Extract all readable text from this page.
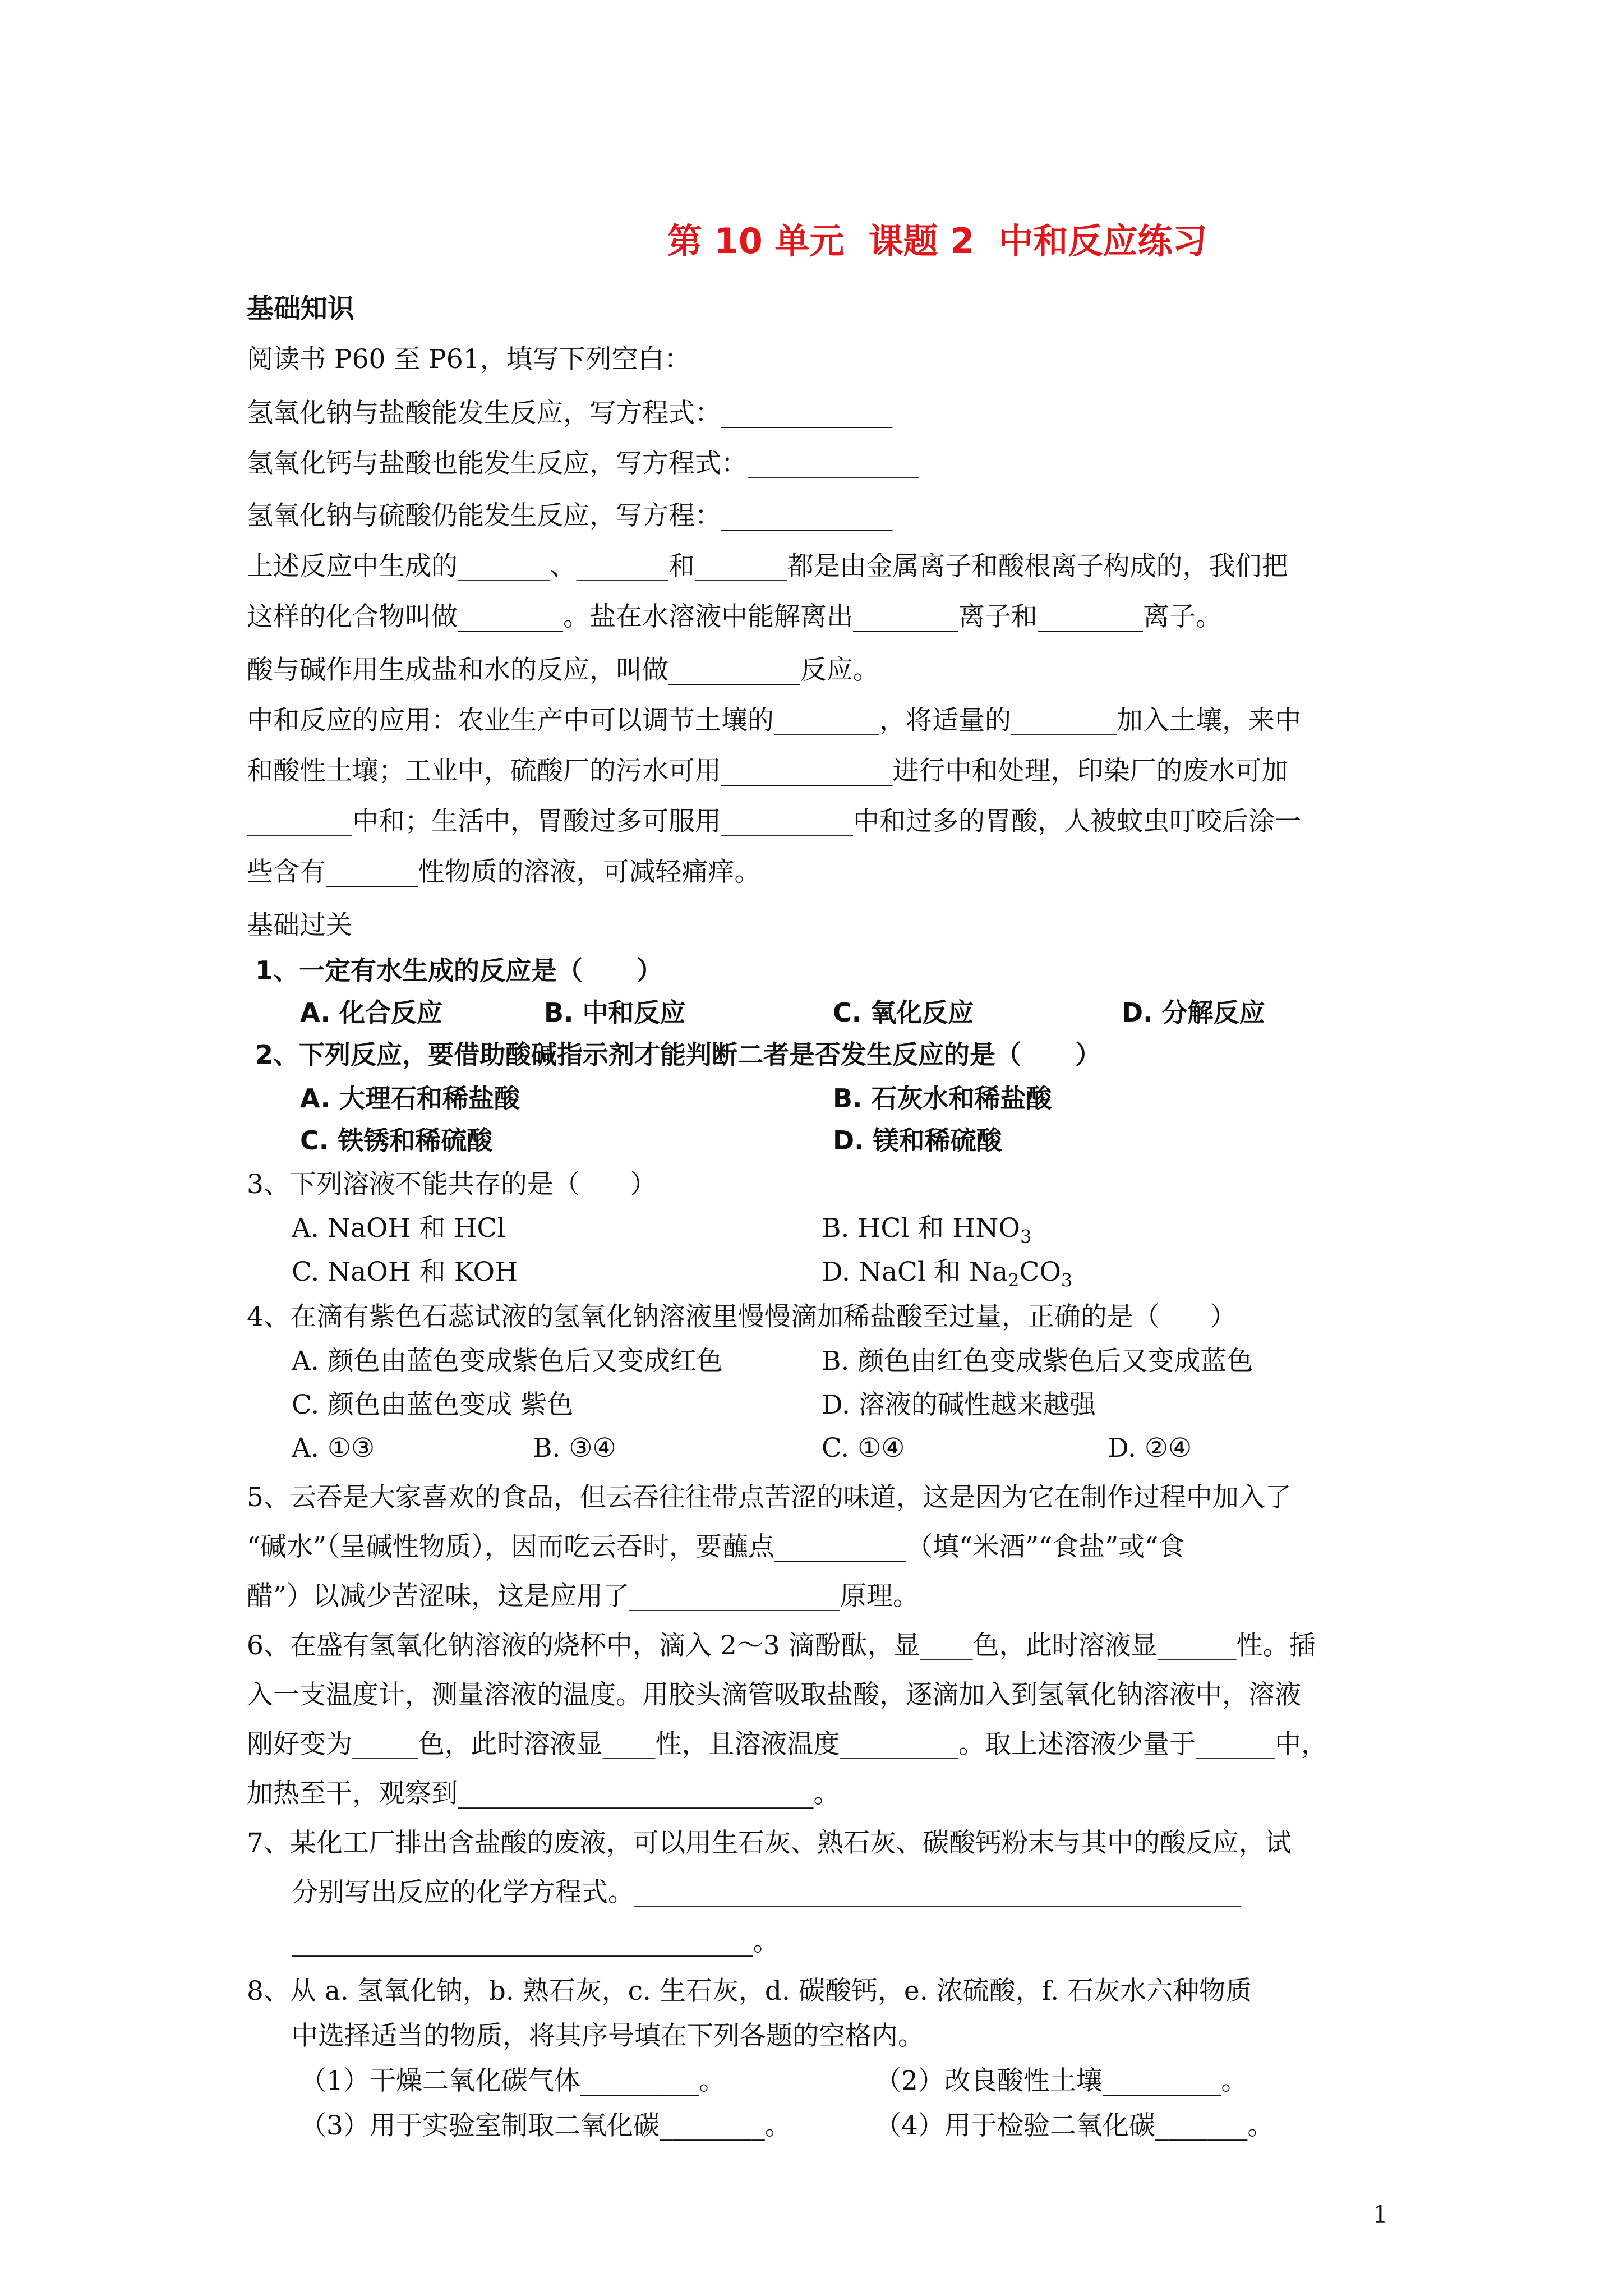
第 10 单元  课题 2  中和反应练习
基础知识
阅读书 P60 至 P61，填写下列空白：
氢氧化钠与盐酸能发生反应，写方程式：_____________
氢氧化钙与盐酸也能发生反应，写方程式：_____________
氢氧化钠与硫酸仍能发生反应，写方程：_____________
上述反应中生成的_______、_______和_______都是由金属离子和酸根离子构成的，我们把
这样的化合物叫做________。盐在水溶液中能解离出________离子和________离子。
酸与碱作用生成盐和水的反应，叫做__________反应。
中和反应的应用：农业生产中可以调节土壤的________，将适量的________加入土壤，来中
和酸性土壤；工业中，硫酸厂的污水可用_____________进行中和处理，印染厂的废水可加
________中和；生活中，胃酸过多可服用__________中和过多的胃酸，人被蚊虫叮咬后涂一
些含有_______性物质的溶液，可减轻痛痒。
基础过关
1、一定有水生成的反应是（      ）
A. 化合反应	B. 中和反应	C. 氧化反应	D. 分解反应
2、下列反应，要借助酸碱指示剂才能判断二者是否发生反应的是（      ）
A. 大理石和稀盐酸	B. 石灰水和稀盐酸
C. 铁锈和稀硫酸	D. 镁和稀硫酸
3、下列溶液不能共存的是（      ）
A. NaOH 和 HCl	B. HCl 和 $HNO_3$
C. NaOH 和 KOH	D. NaCl 和 $Na_2CO_3$
4、在滴有紫色石蕊试液的氢氧化钠溶液里慢慢滴加稀盐酸至过量，正确的是（      ）
A. 颜色由蓝色变成紫色后又变成红色	B. 颜色由红色变成紫色后又变成蓝色
C. 颜色由蓝色变成 紫色	D. 溶液的碱性越来越强
A. ①③	B. ③④	C. ①④	D. ②④
5、云吞是大家喜欢的食品，但云吞往往带点苦涩的味道，这是因为它在制作过程中加入了
“碱水”（呈碱性物质），因而吃云吞时，要蘸点__________（填“米酒”“食盐”或“食
醋”）以减少苦涩味，这是应用了________________原理。
6、在盛有氢氧化钠溶液的烧杯中，滴入 2～3 滴酚酞，显____色，此时溶液显______性。插
入一支温度计，测量溶液的温度。用胶头滴管吸取盐酸，逐滴加入到氢氧化钠溶液中，溶液
刚好变为_____色，此时溶液显____性，且溶液温度_________。取上述溶液少量于______中，
加热至干，观察到___________________________。
7、某化工厂排出含盐酸的废液，可以用生石灰、熟石灰、碳酸钙粉末与其中的酸反应，试
分别写出反应的化学方程式。______________________________________________
___________________________________。
8、从 a. 氢氧化钠，b. 熟石灰，c. 生石灰，d. 碳酸钙，e. 浓硫酸，f. 石灰水六种物质
中选择适当的物质，将其序号填在下列各题的空格内。
（1）干燥二氧化碳气体_________。	（2）改良酸性土壤_________。
（3）用于实验室制取二氧化碳________。	（4）用于检验二氧化碳_______。
1
